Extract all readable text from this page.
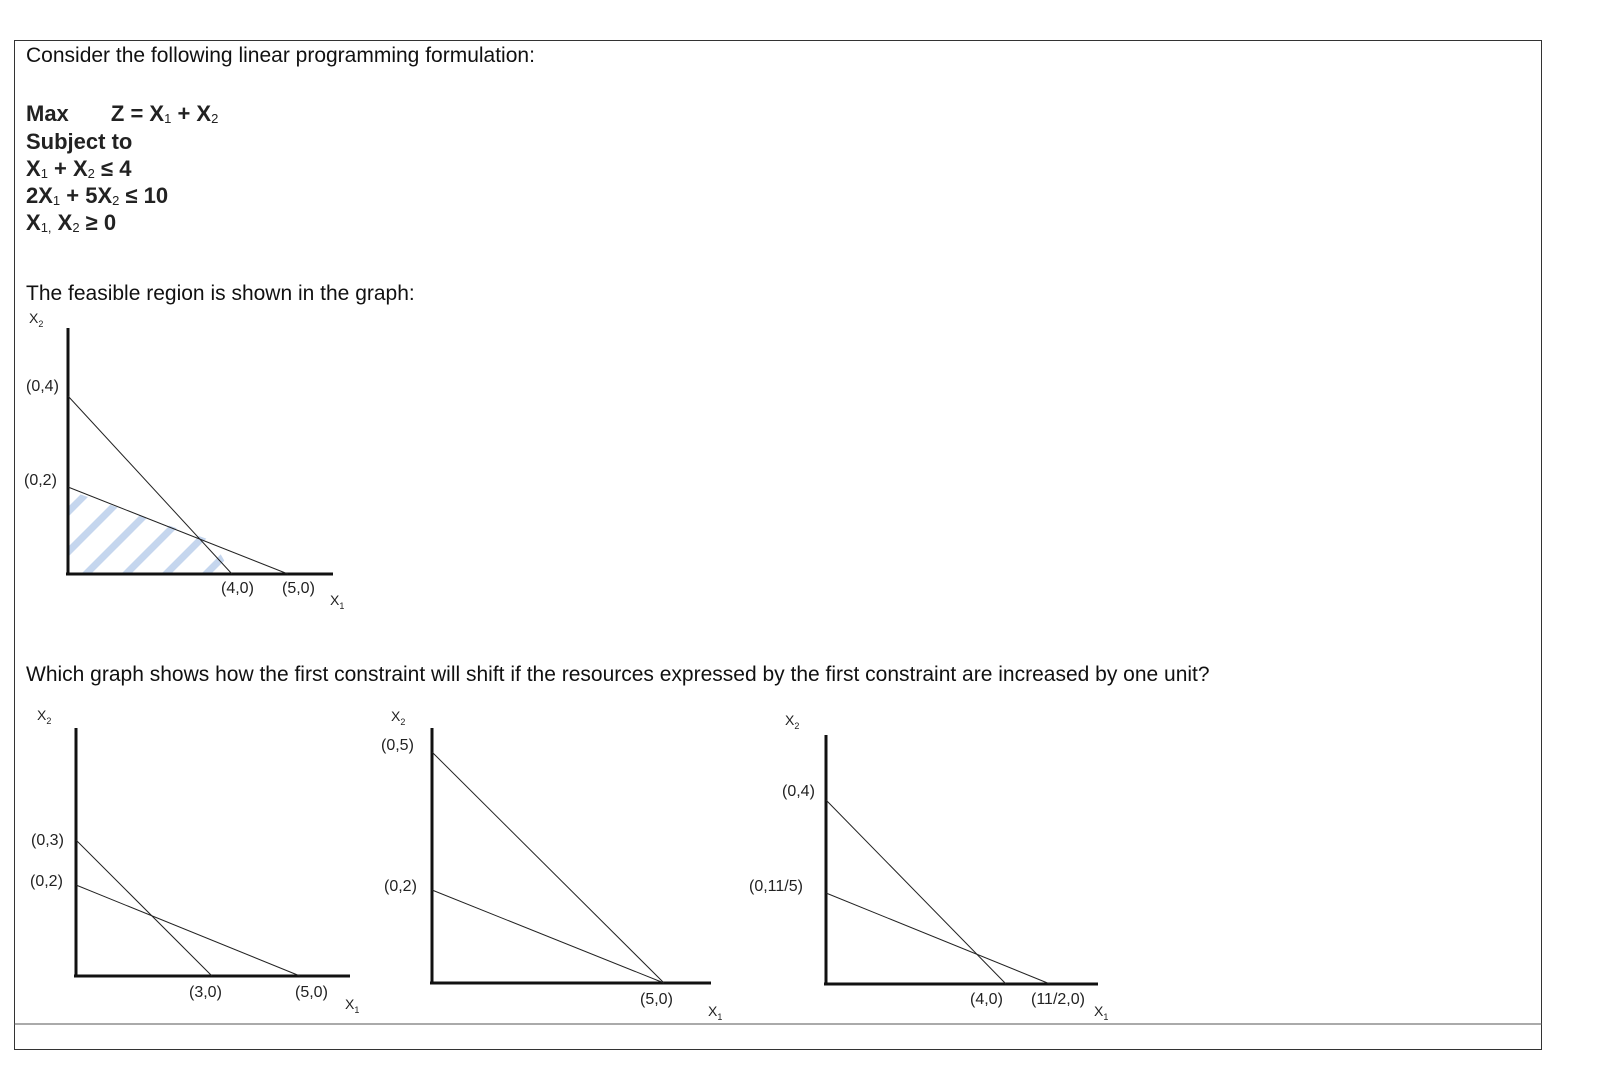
Consider the following linear programming formulation:
Max $Z = X_1 + X_2$
Subject to
$X_1 + X_2 \le 4$
$2X_1 + 5X_2 \le 10$
$X_{1,}$ $X_2 \ge 0$
The feasible region is shown in the graph:
Which graph shows how the first constraint will shift if the resources expressed by the first constraint are increased by one unit?
$X_2$
(0,4)
(0,2)
(4,0) (5,0)
$X_1$
$X_2$
(0,3)
(0,2)
(3,0)	(5,0)
$X_1$
$X_2$
(0,5)
(0,2)
(5,0)
$X_1$
$X_2$
(0,4)
(0,11/5)
(4,0) (11/2,0)
$X_1$
